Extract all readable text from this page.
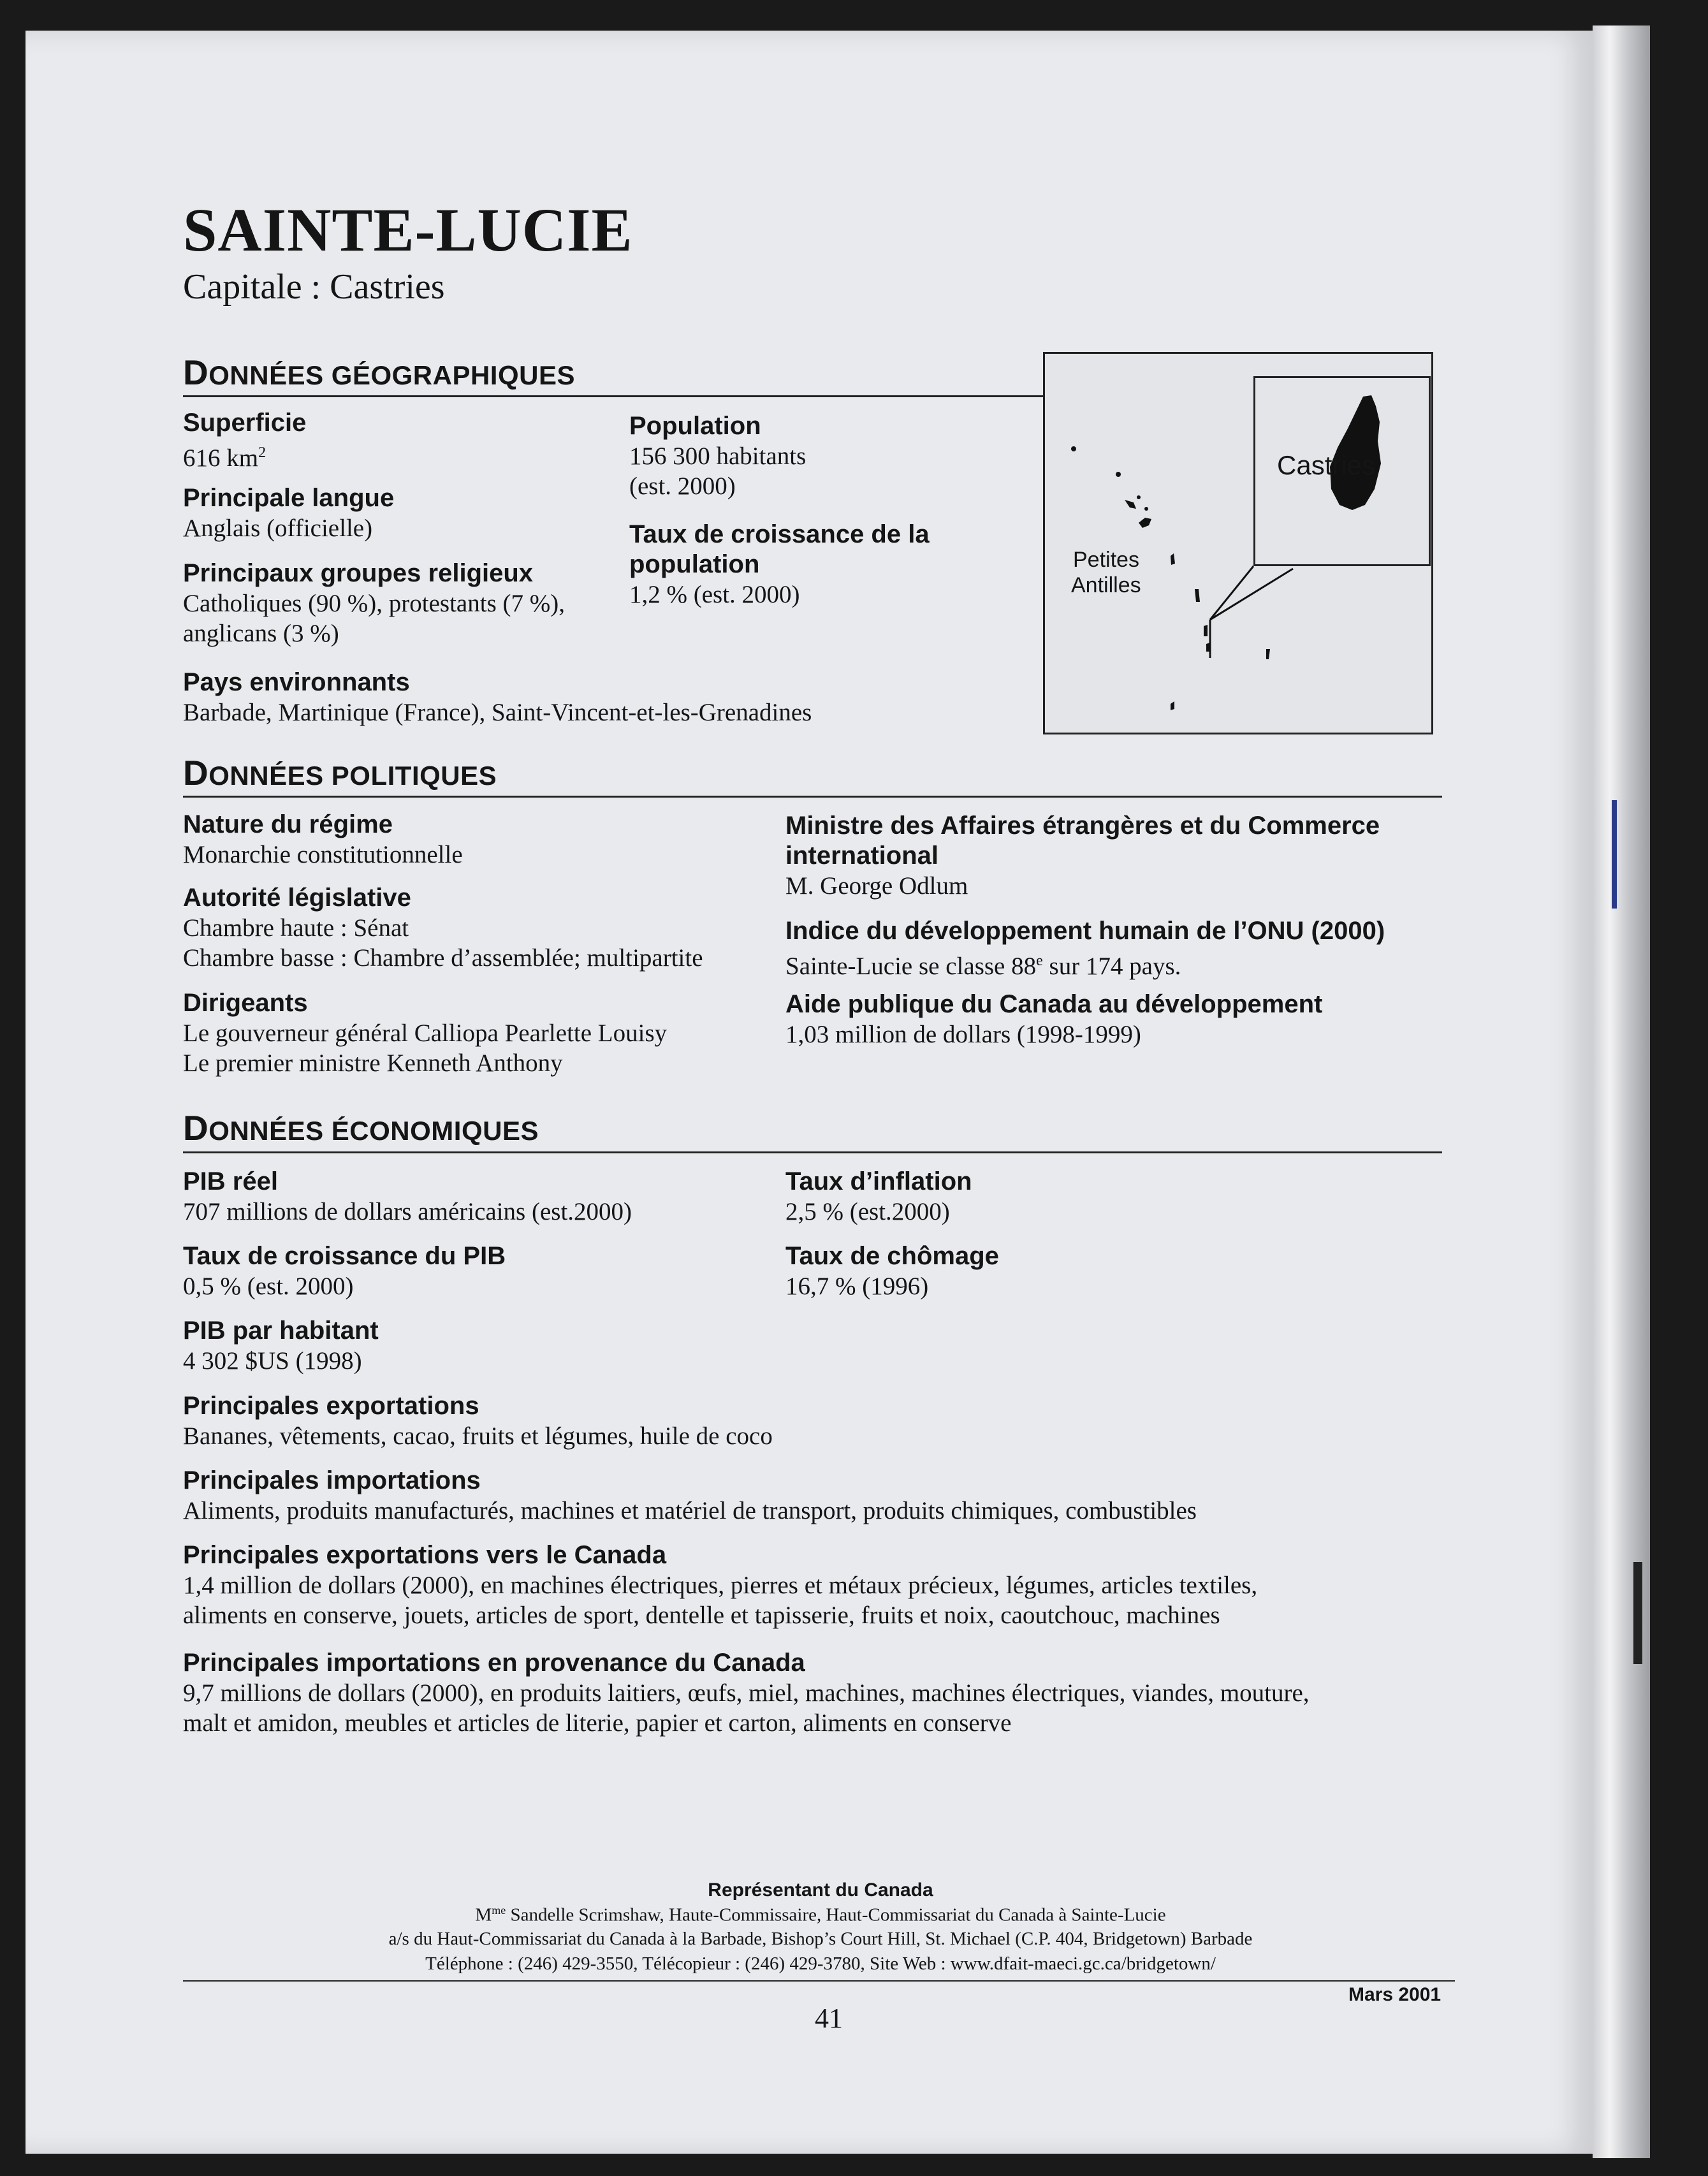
SAINTE-LUCIE
Capitale : Castries
DONNÉES GÉOGRAPHIQUES
Superficie
616 $km^2$
Principale langue
Anglais (officielle)
Principaux groupes religieux
Catholiques (90 %), protestants (7 %),
anglicans (3 %)
Population
156 300 habitants
(est. 2000)
Taux de croissance de la
population
1,2 % (est. 2000)
Pays environnants
Barbade, Martinique (France), Saint-Vincent-et-les-Grenadines
Castries
Petites
Antilles
DONNÉES POLITIQUES
Nature du régime
Monarchie constitutionnelle
Autorité législative
Chambre haute : Sénat
Chambre basse : Chambre d’assemblée; multipartite
Dirigeants
Le gouverneur général Calliopa Pearlette Louisy
Le premier ministre Kenneth Anthony
Ministre des Affaires étrangères et du Commerce
international
M. George Odlum
Indice du développement humain de l’ONU (2000)
Sainte-Lucie se classe 88e sur 174 pays.
Aide publique du Canada au développement
1,03 million de dollars (1998-1999)
DONNÉES ÉCONOMIQUES
PIB réel
707 millions de dollars américains (est.2000)
Taux de croissance du PIB
0,5 % (est. 2000)
PIB par habitant
4 302 $US (1998)
Taux d’inflation
2,5 % (est.2000)
Taux de chômage
16,7 % (1996)
Principales exportations
Bananes, vêtements, cacao, fruits et légumes, huile de coco
Principales importations
Aliments, produits manufacturés, machines et matériel de transport, produits chimiques, combustibles
Principales exportations vers le Canada
1,4 million de dollars (2000), en machines électriques, pierres et métaux précieux, légumes, articles textiles,
aliments en conserve, jouets, articles de sport, dentelle et tapisserie, fruits et noix, caoutchouc, machines
Principales importations en provenance du Canada
9,7 millions de dollars (2000), en produits laitiers, œufs, miel, machines, machines électriques, viandes, mouture,
malt et amidon, meubles et articles de literie, papier et carton, aliments en conserve
Représentant du Canada
$M^{me}$ Sandelle Scrimshaw, Haute-Commissaire, Haut-Commissariat du Canada à Sainte-Lucie
a/s du Haut-Commissariat du Canada à la Barbade, Bishop’s Court Hill, St. Michael (C.P. 404, Bridgetown) Barbade
Téléphone : (246) 429-3550, Télécopieur : (246) 429-3780, Site Web : www.dfait-maeci.gc.ca/bridgetown/
Mars 2001
41
